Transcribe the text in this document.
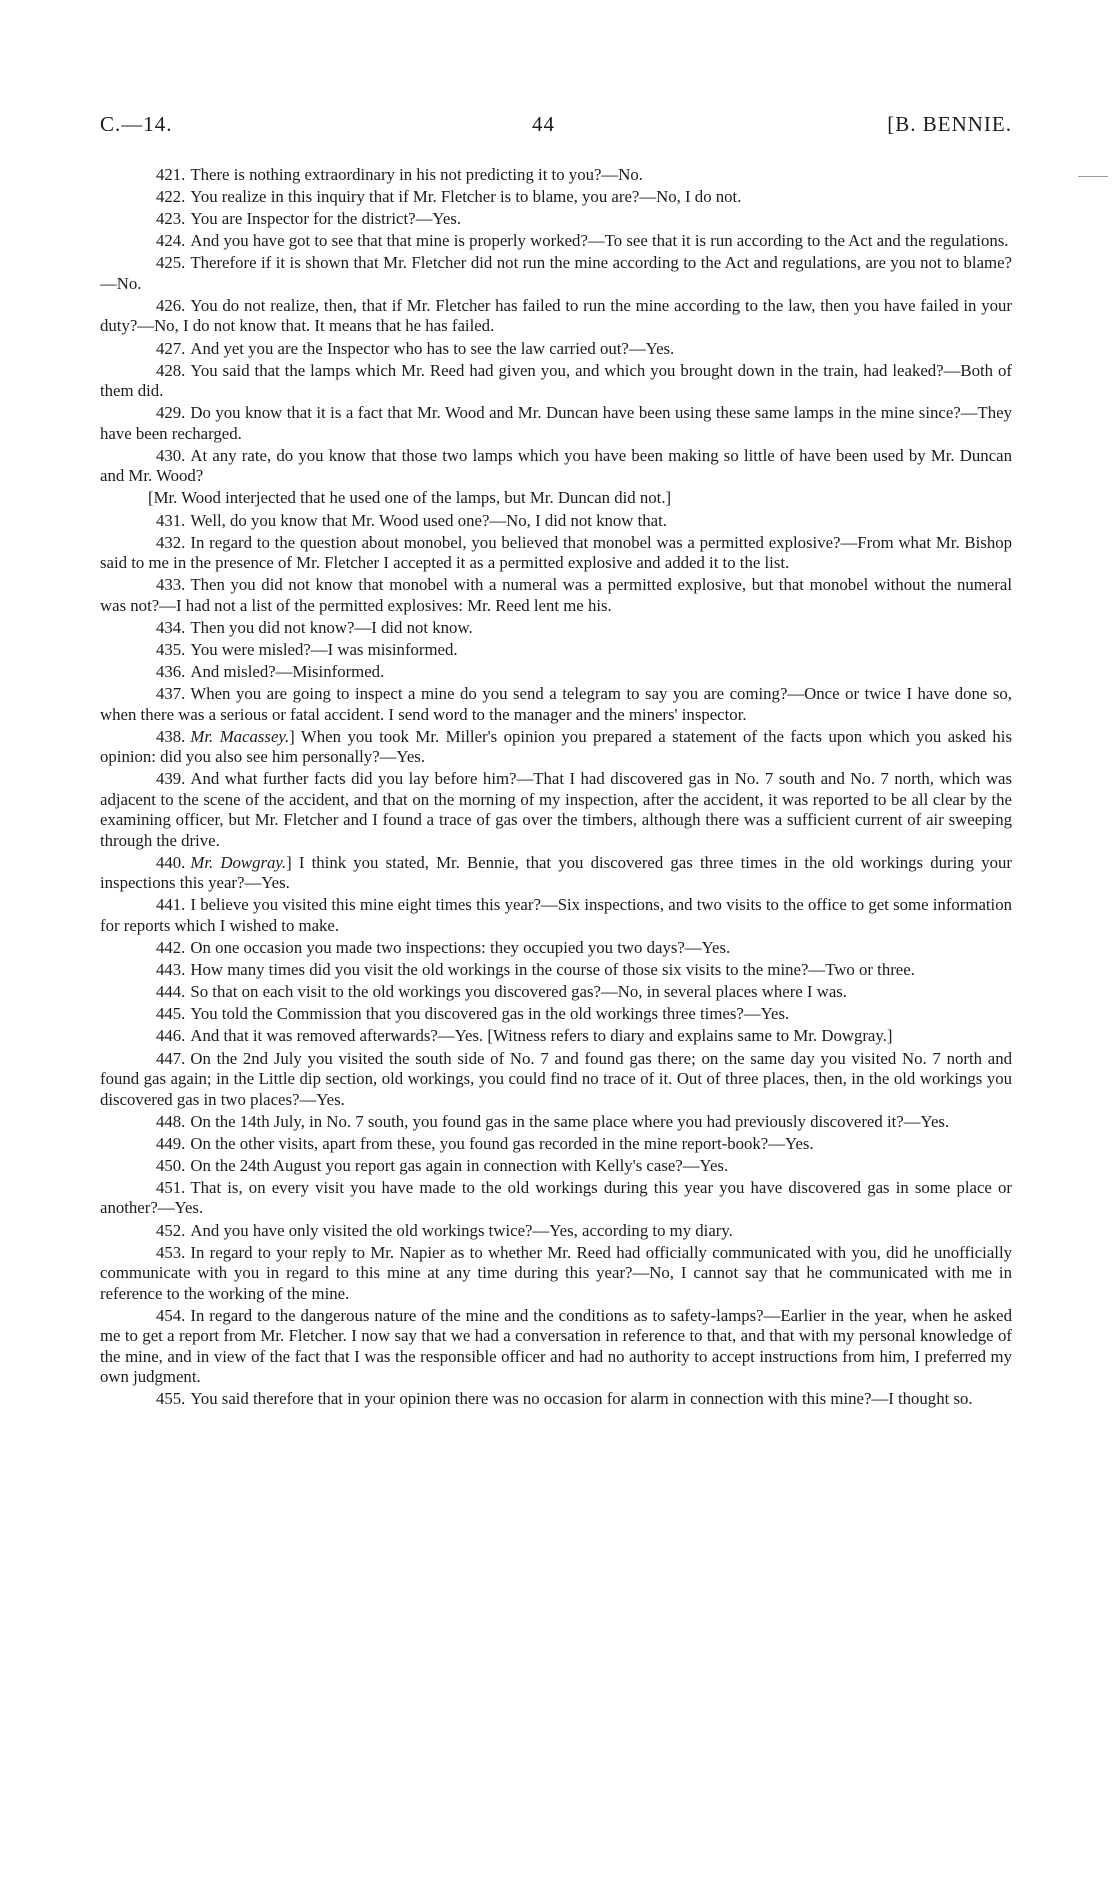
C.—14.	44	[B. BENNIE.

421. There is nothing extraordinary in his not predicting it to you?—No.

422. You realize in this inquiry that if Mr. Fletcher is to blame, you are?—No, I do not.

423. You are Inspector for the district?—Yes.

424. And you have got to see that that mine is properly worked?—To see that it is run according to the Act and the regulations.

425. Therefore if it is shown that Mr. Fletcher did not run the mine according to the Act and regulations, are you not to blame?—No.

426. You do not realize, then, that if Mr. Fletcher has failed to run the mine according to the law, then you have failed in your duty?—No, I do not know that. It means that he has failed.

427. And yet you are the Inspector who has to see the law carried out?—Yes.

428. You said that the lamps which Mr. Reed had given you, and which you brought down in the train, had leaked?—Both of them did.

429. Do you know that it is a fact that Mr. Wood and Mr. Duncan have been using these same lamps in the mine since?—They have been recharged.

430. At any rate, do you know that those two lamps which you have been making so little of have been used by Mr. Duncan and Mr. Wood?

[Mr. Wood interjected that he used one of the lamps, but Mr. Duncan did not.]

431. Well, do you know that Mr. Wood used one?—No, I did not know that.

432. In regard to the question about monobel, you believed that monobel was a permitted explosive?—From what Mr. Bishop said to me in the presence of Mr. Fletcher I accepted it as a permitted explosive and added it to the list.

433. Then you did not know that monobel with a numeral was a permitted explosive, but that monobel without the numeral was not?—I had not a list of the permitted explosives: Mr. Reed lent me his.

434. Then you did not know?—I did not know.

435. You were misled?—I was misinformed.

436. And misled?—Misinformed.

437. When you are going to inspect a mine do you send a telegram to say you are coming?—Once or twice I have done so, when there was a serious or fatal accident. I send word to the manager and the miners' inspector.

438. Mr. Macassey.] When you took Mr. Miller's opinion you prepared a statement of the facts upon which you asked his opinion: did you also see him personally?—Yes.

439. And what further facts did you lay before him?—That I had discovered gas in No. 7 south and No. 7 north, which was adjacent to the scene of the accident, and that on the morning of my inspection, after the accident, it was reported to be all clear by the examining officer, but Mr. Fletcher and I found a trace of gas over the timbers, although there was a sufficient current of air sweeping through the drive.

440. Mr. Dowgray.] I think you stated, Mr. Bennie, that you discovered gas three times in the old workings during your inspections this year?—Yes.

441. I believe you visited this mine eight times this year?—Six inspections, and two visits to the office to get some information for reports which I wished to make.

442. On one occasion you made two inspections: they occupied you two days?—Yes.

443. How many times did you visit the old workings in the course of those six visits to the mine?—Two or three.

444. So that on each visit to the old workings you discovered gas?—No, in several places where I was.

445. You told the Commission that you discovered gas in the old workings three times?—Yes.

446. And that it was removed afterwards?—Yes. [Witness refers to diary and explains same to Mr. Dowgray.]

447. On the 2nd July you visited the south side of No. 7 and found gas there; on the same day you visited No. 7 north and found gas again; in the Little dip section, old workings, you could find no trace of it. Out of three places, then, in the old workings you discovered gas in two places?—Yes.

448. On the 14th July, in No. 7 south, you found gas in the same place where you had previously discovered it?—Yes.

449. On the other visits, apart from these, you found gas recorded in the mine report-book?—Yes.

450. On the 24th August you report gas again in connection with Kelly's case?—Yes.

451. That is, on every visit you have made to the old workings during this year you have discovered gas in some place or another?—Yes.

452. And you have only visited the old workings twice?—Yes, according to my diary.

453. In regard to your reply to Mr. Napier as to whether Mr. Reed had officially communicated with you, did he unofficially communicate with you in regard to this mine at any time during this year?—No, I cannot say that he communicated with me in reference to the working of the mine.

454. In regard to the dangerous nature of the mine and the conditions as to safety-lamps?—Earlier in the year, when he asked me to get a report from Mr. Fletcher. I now say that we had a conversation in reference to that, and that with my personal knowledge of the mine, and in view of the fact that I was the responsible officer and had no authority to accept instructions from him, I preferred my own judgment.

455. You said therefore that in your opinion there was no occasion for alarm in connection with this mine?—I thought so.
